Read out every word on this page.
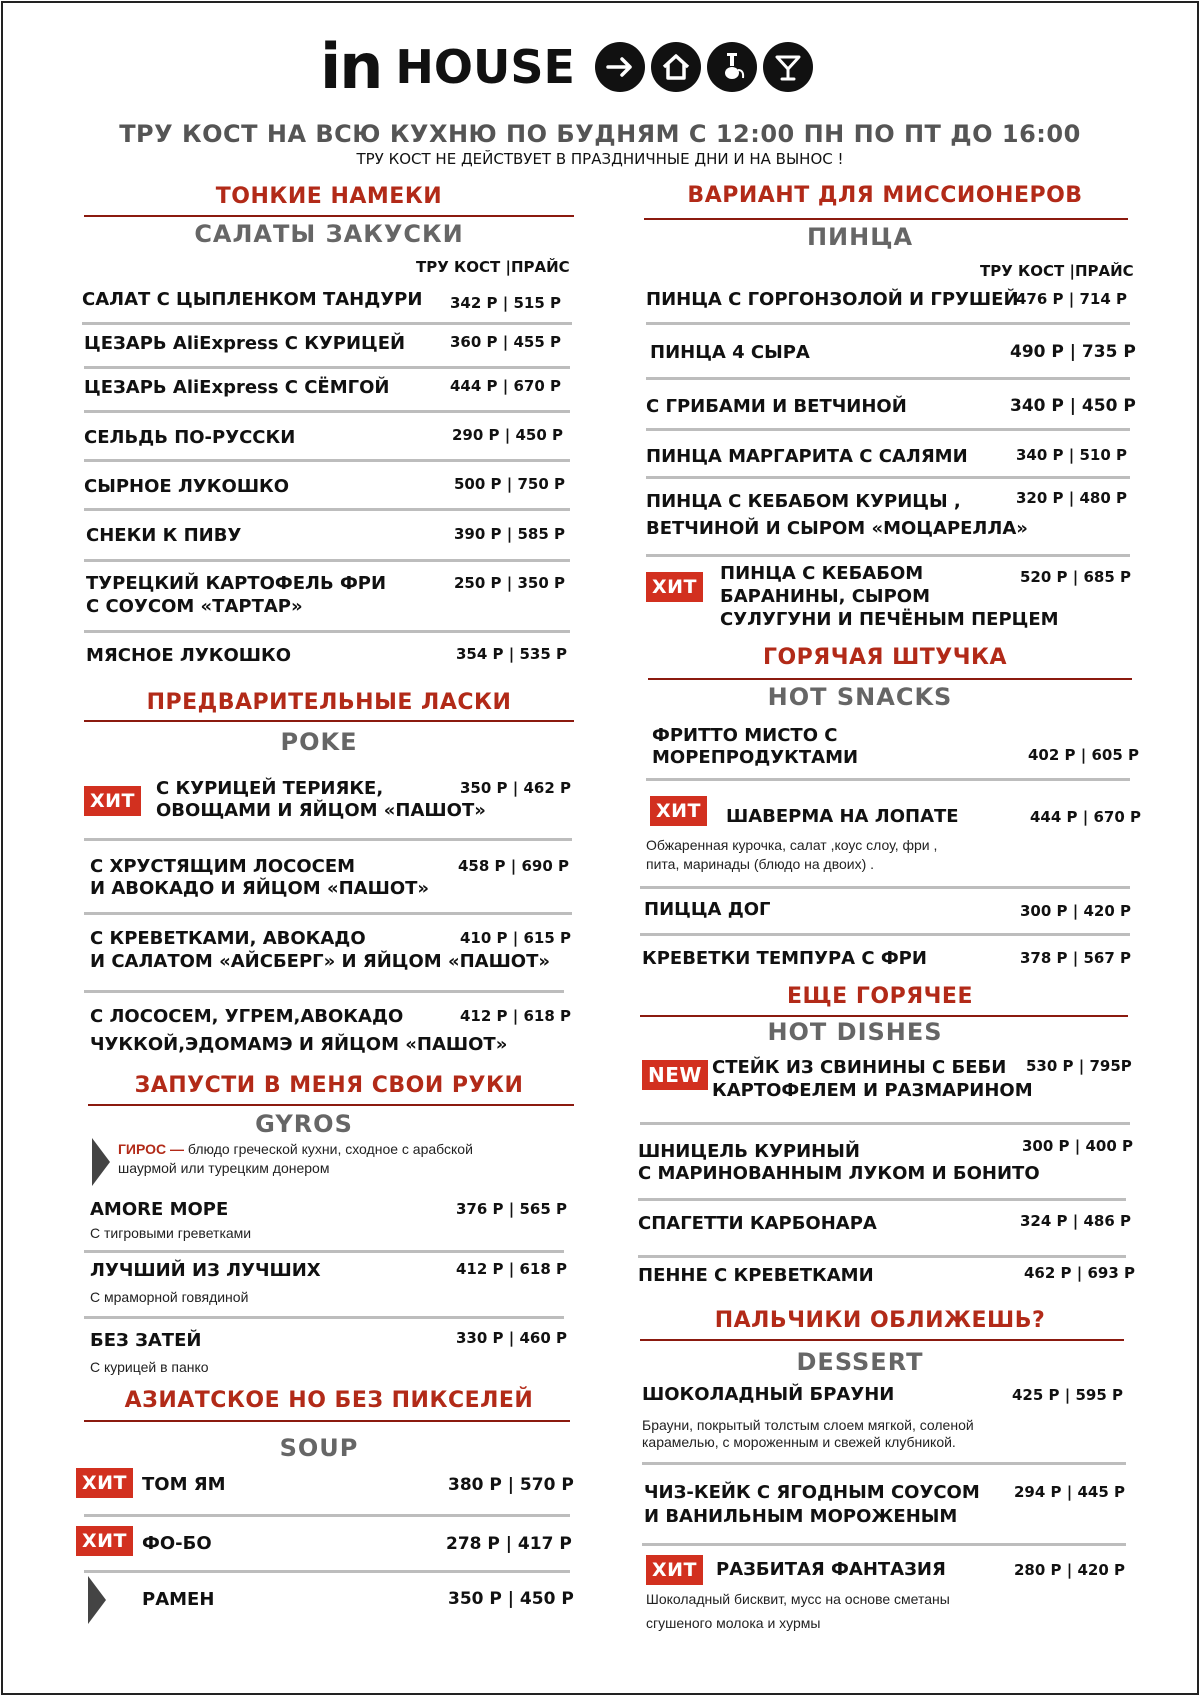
in HOUSE
ТРУ КОСТ НА ВСЮ КУХНЮ ПО БУДНЯМ С 12:00 ПН ПО ПТ ДО 16:00
ТРУ КОСТ НЕ ДЕЙСТВУЕТ В ПРАЗДНИЧНЫЕ ДНИ И НА ВЫНОС !
ТОНКИЕ НАМЕКИ
САЛАТЫ ЗАКУСКИ
ТРУ КОСТ |ПРАЙС
САЛАТ С ЦЫПЛЕНКОМ ТАНДУРИ 342 Р | 515 Р
ЦЕЗАРЬ AliExpress С КУРИЦЕЙ	360 Р | 455 Р
ЦЕЗАРЬ AliExpress С СЁМГОЙ	444 Р | 670 Р
СЕЛЬДЬ ПО-РУССКИ	290 Р | 450 Р
СЫРНОЕ ЛУКОШКО	500 Р | 750 Р
СНЕКИ К ПИВУ	390 Р | 585 Р
ТУРЕЦКИЙ КАРТОФЕЛЬ ФРИ
С СОУСОМ «ТАРТАР»
250 Р | 350 Р
МЯСНОЕ ЛУКОШКО	354 Р | 535 Р
ПРЕДВАРИТЕЛЬНЫЕ ЛАСКИ
POKE
ХИТ
С КУРИЦЕЙ ТЕРИЯКЕ,
ОВОЩАМИ И ЯЙЦОМ «ПАШОТ»
350 Р | 462 Р
С ХРУСТЯЩИМ ЛОСОСЕМ
И АВОКАДО И ЯЙЦОМ «ПАШОТ»
458 Р | 690 Р
С КРЕВЕТКАМИ, АВОКАДО
И САЛАТОМ «АЙСБЕРГ» И ЯЙЦОМ «ПАШОТ»
410 Р | 615 Р
С ЛОСОСЕМ, УГРЕМ,АВОКАДО
ЧУККОЙ,ЭДОМАМЭ И ЯЙЦОМ «ПАШОТ»
412 Р | 618 Р
ЗАПУСТИ В МЕНЯ СВОИ РУКИ
GYROS
ГИРОС — блюдо греческой кухни, сходное с арабской
шаурмой или турецким донером
AMORE МОРЕ	376 Р | 565 Р
С тигровыми греветками
ЛУЧШИЙ ИЗ ЛУЧШИХ	412 Р | 618 Р
С мраморной говядиной
БЕЗ ЗАТЕЙ	330 Р | 460 Р
С курицей в панко
АЗИАТСКОЕ НО БЕЗ ПИКСЕЛЕЙ
SOUP
ХИТ ТОМ ЯМ	380 Р | 570 Р
ХИТ ФО-БО	278 Р | 417 Р
РАМЕН	350 Р | 450 Р
ВАРИАНТ ДЛЯ МИССИОНЕРОВ
ПИНЦА
ТРУ КОСТ |ПРАЙС
ПИНЦА С ГОРГОНЗОЛОЙ И ГРУШЕЙ
476 Р | 714 Р
ПИНЦА 4 СЫРА	490 Р | 735 Р
С ГРИБАМИ И ВЕТЧИНОЙ	340 Р | 450 Р
ПИНЦА МАРГАРИТА С САЛЯМИ	340 Р | 510 Р
ПИНЦА С КЕБАБОМ КУРИЦЫ ,
ВЕТЧИНОЙ И СЫРОМ «МОЦАРЕЛЛА»
320 Р | 480 Р
ХИТ
ПИНЦА С КЕБАБОМ
БАРАНИНЫ, СЫРОМ
СУЛУГУНИ И ПЕЧЁНЫМ ПЕРЦЕМ
520 Р | 685 Р
ГОРЯЧАЯ ШТУЧКА
HOT SNACKS
ФРИТТО МИСТО С
МОРЕПРОДУКТАМИ	402 Р | 605 Р
ХИТ	ШАВЕРМА НА ЛОПАТЕ	444 Р | 670 Р
Обжаренная курочка, салат ,коус слоу, фри ,
пита, маринады (блюдо на двоих) .
ПИЦЦА ДОГ	300 Р | 420 Р
КРЕВЕТКИ ТЕМПУРА С ФРИ	378 Р | 567 Р
ЕЩЕ ГОРЯЧЕЕ
HOT DISHES
NEW СТЕЙК ИЗ СВИНИНЫ С БЕБИ
КАРТОФЕЛЕМ И РАЗМАРИНОМ
530 Р | 795Р
ШНИЦЕЛЬ КУРИНЫЙ
С МАРИНОВАННЫМ ЛУКОМ И БОНИТО
300 Р | 400 Р
СПАГЕТТИ КАРБОНАРА	324 Р | 486 Р
ПЕННЕ С КРЕВЕТКАМИ	462 Р | 693 Р
ПАЛЬЧИКИ ОБЛИЖЕШЬ?
DESSERT
ШОКОЛАДНЫЙ БРАУНИ	425 Р | 595 Р
Брауни, покрытый толстым слоем мягкой, соленой
карамелью, с мороженным и свежей клубникой.
ЧИЗ-КЕЙК С ЯГОДНЫМ СОУСОМ
И ВАНИЛЬНЫМ МОРОЖЕНЫМ
294 Р | 445 Р
ХИТ	РАЗБИТАЯ ФАНТАЗИЯ	280 Р | 420 Р
Шоколадный бисквит, мусс на основе сметаны
сгушеного молока и хурмы
